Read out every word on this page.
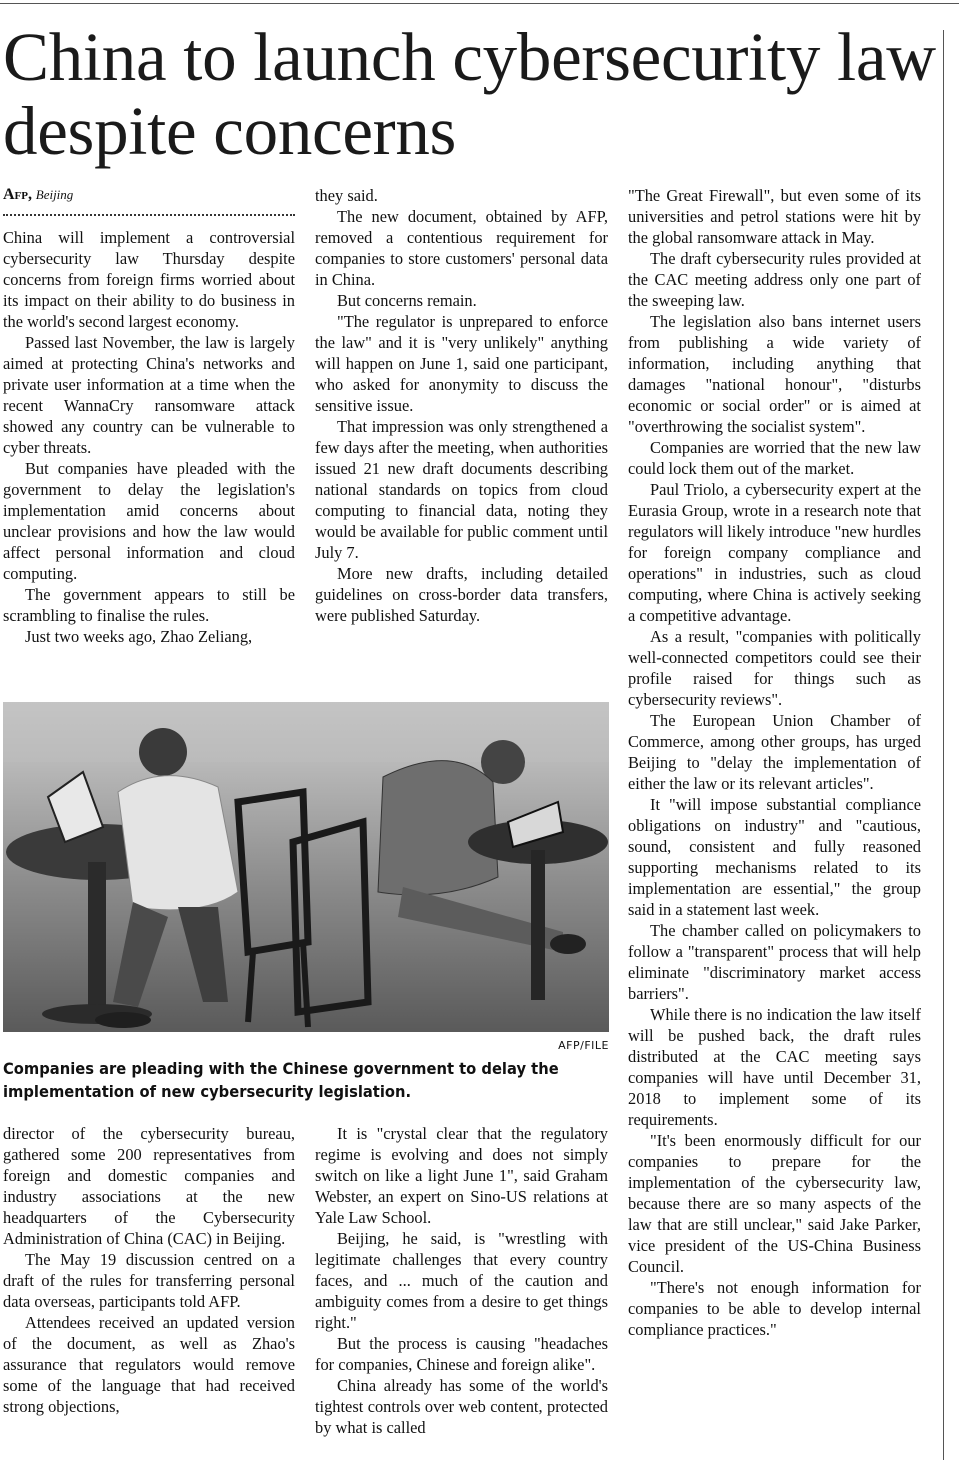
China to launch cybersecurity law despite concerns
Afp, Beijing

China will implement a controversial cybersecurity law Thursday despite concerns from foreign firms worried about its impact on their ability to do business in the world's second largest economy.

Passed last November, the law is largely aimed at protecting China's networks and private user information at a time when the recent WannaCry ransomware attack showed any country can be vulnerable to cyber threats.

But companies have pleaded with the government to delay the legislation's implementation amid concerns about unclear provisions and how the law would affect personal information and cloud computing.

The government appears to still be scrambling to finalise the rules.

Just two weeks ago, Zhao Zeliang,

they said.

The new document, obtained by AFP, removed a contentious requirement for companies to store customers' personal data in China.

But concerns remain.

"The regulator is unprepared to enforce the law" and it is "very unlikely" anything will happen on June 1, said one participant, who asked for anonymity to discuss the sensitive issue.

That impression was only strengthened a few days after the meeting, when authorities issued 21 new draft documents describing national standards on topics from cloud computing to financial data, noting they would be available for public comment until July 7.

More new drafts, including detailed guidelines on cross-border data transfers, were published Saturday.

AFP/FILE
Companies are pleading with the Chinese government to delay the implementation of new cybersecurity legislation.

director of the cybersecurity bureau, gathered some 200 representatives from foreign and domestic companies and industry associations at the new headquarters of the Cybersecurity Administration of China (CAC) in Beijing.

The May 19 discussion centred on a draft of the rules for transferring personal data overseas, participants told AFP.

Attendees received an updated version of the document, as well as Zhao's assurance that regulators would remove some of the language that had received strong objections,

It is "crystal clear that the regulatory regime is evolving and does not simply switch on like a light June 1", said Graham Webster, an expert on Sino-US relations at Yale Law School.

Beijing, he said, is "wrestling with legitimate challenges that every country faces, and ... much of the caution and ambiguity comes from a desire to get things right."

But the process is causing "headaches for companies, Chinese and foreign alike".

China already has some of the world's tightest controls over web content, protected by what is called

"The Great Firewall", but even some of its universities and petrol stations were hit by the global ransomware attack in May.

The draft cybersecurity rules provided at the CAC meeting address only one part of the sweeping law.

The legislation also bans internet users from publishing a wide variety of information, including anything that damages "national honour", "disturbs economic or social order" or is aimed at "overthrowing the socialist system".

Companies are worried that the new law could lock them out of the market.

Paul Triolo, a cybersecurity expert at the Eurasia Group, wrote in a research note that regulators will likely introduce "new hurdles for foreign company compliance and operations" in industries, such as cloud computing, where China is actively seeking a competitive advantage.

As a result, "companies with politically well-connected competitors could see their profile raised for things such as cybersecurity reviews".

The European Union Chamber of Commerce, among other groups, has urged Beijing to "delay the implementation of either the law or its relevant articles".

It "will impose substantial compliance obligations on industry" and "cautious, sound, consistent and fully reasoned supporting mechanisms related to its implementation are essential," the group said in a statement last week.

The chamber called on policymakers to follow a "transparent" process that will help eliminate "discriminatory market access barriers".

While there is no indication the law itself will be pushed back, the draft rules distributed at the CAC meeting says companies will have until December 31, 2018 to implement some of its requirements.

"It's been enormously difficult for our companies to prepare for the implementation of the cybersecurity law, because there are so many aspects of the law that are still unclear," said Jake Parker, vice president of the US-China Business Council.

"There's not enough information for companies to be able to develop internal compliance practices."
